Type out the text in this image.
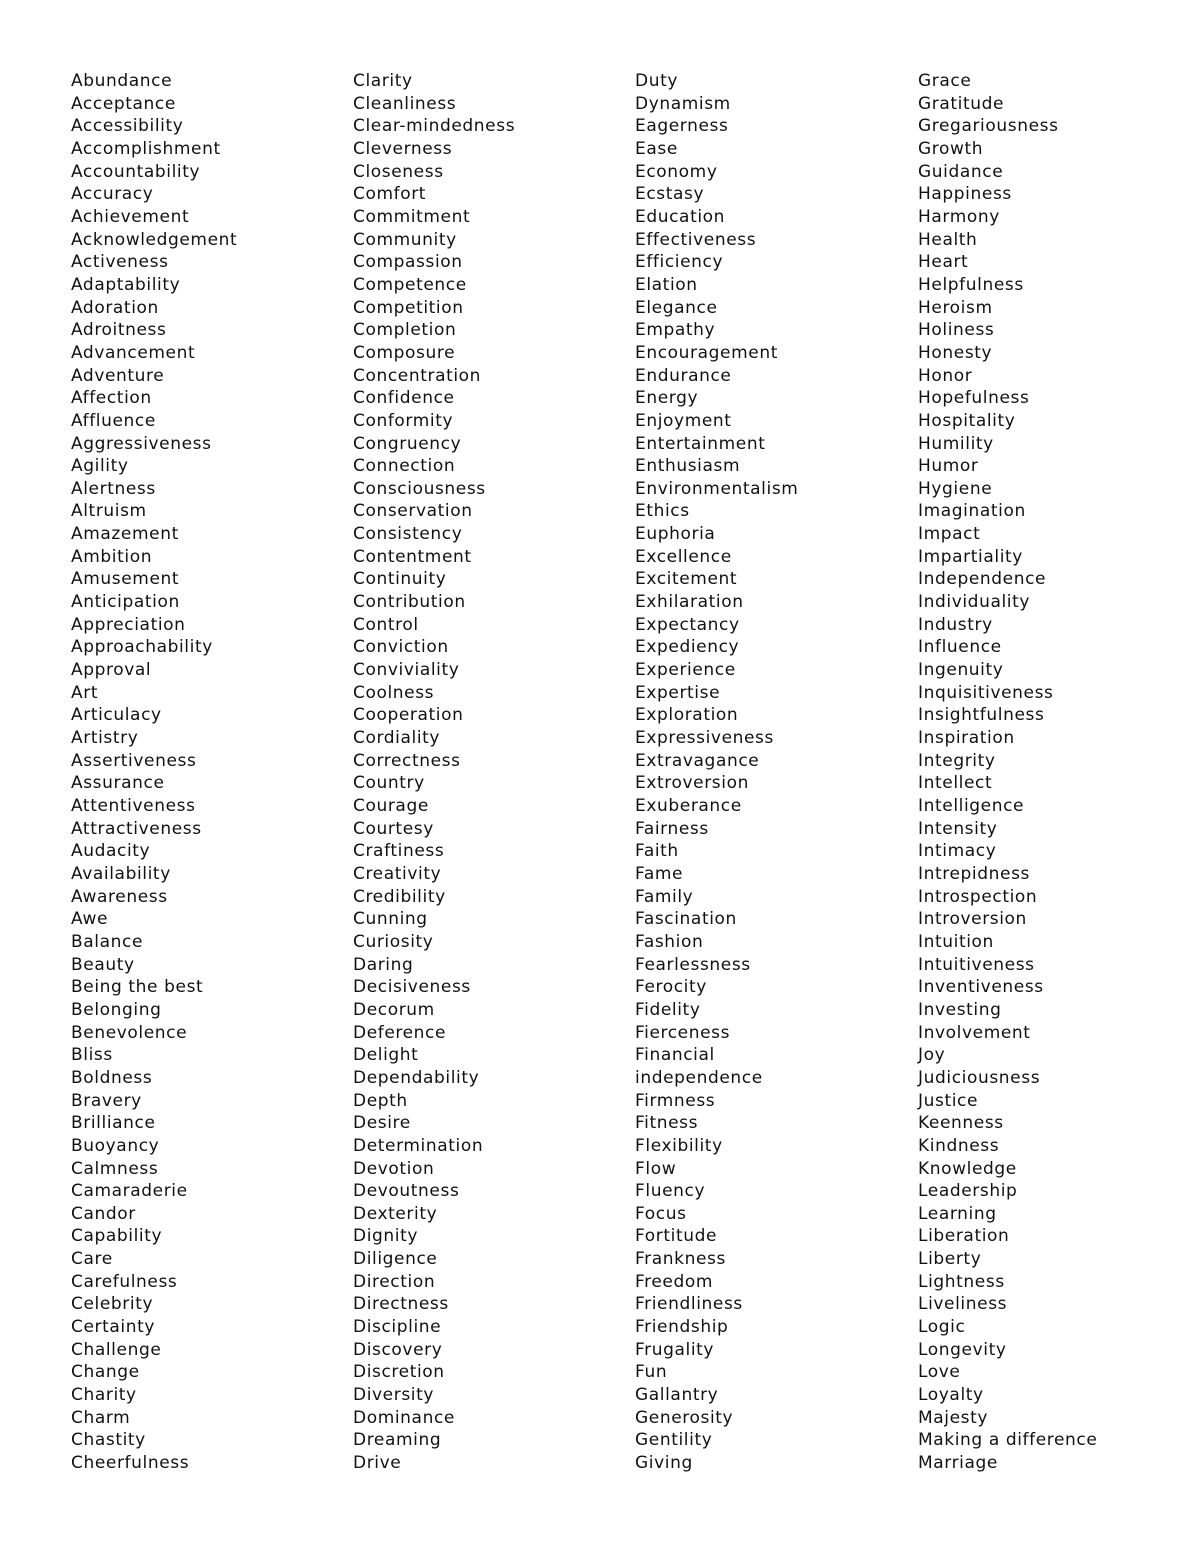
Abundance
Acceptance
Accessibility
Accomplishment
Accountability
Accuracy
Achievement
Acknowledgement
Activeness
Adaptability
Adoration
Adroitness
Advancement
Adventure
Affection
Affluence
Aggressiveness
Agility
Alertness
Altruism
Amazement
Ambition
Amusement
Anticipation
Appreciation
Approachability
Approval
Art
Articulacy
Artistry
Assertiveness
Assurance
Attentiveness
Attractiveness
Audacity
Availability
Awareness
Awe
Balance
Beauty
Being the best
Belonging
Benevolence
Bliss
Boldness
Bravery
Brilliance
Buoyancy
Calmness
Camaraderie
Candor
Capability
Care
Carefulness
Celebrity
Certainty
Challenge
Change
Charity
Charm
Chastity
Cheerfulness
Clarity
Cleanliness
Clear-mindedness
Cleverness
Closeness
Comfort
Commitment
Community
Compassion
Competence
Competition
Completion
Composure
Concentration
Confidence
Conformity
Congruency
Connection
Consciousness
Conservation
Consistency
Contentment
Continuity
Contribution
Control
Conviction
Conviviality
Coolness
Cooperation
Cordiality
Correctness
Country
Courage
Courtesy
Craftiness
Creativity
Credibility
Cunning
Curiosity
Daring
Decisiveness
Decorum
Deference
Delight
Dependability
Depth
Desire
Determination
Devotion
Devoutness
Dexterity
Dignity
Diligence
Direction
Directness
Discipline
Discovery
Discretion
Diversity
Dominance
Dreaming
Drive
Duty
Dynamism
Eagerness
Ease
Economy
Ecstasy
Education
Effectiveness
Efficiency
Elation
Elegance
Empathy
Encouragement
Endurance
Energy
Enjoyment
Entertainment
Enthusiasm
Environmentalism
Ethics
Euphoria
Excellence
Excitement
Exhilaration
Expectancy
Expediency
Experience
Expertise
Exploration
Expressiveness
Extravagance
Extroversion
Exuberance
Fairness
Faith
Fame
Family
Fascination
Fashion
Fearlessness
Ferocity
Fidelity
Fierceness
Financial
independence
Firmness
Fitness
Flexibility
Flow
Fluency
Focus
Fortitude
Frankness
Freedom
Friendliness
Friendship
Frugality
Fun
Gallantry
Generosity
Gentility
Giving
Grace
Gratitude
Gregariousness
Growth
Guidance
Happiness
Harmony
Health
Heart
Helpfulness
Heroism
Holiness
Honesty
Honor
Hopefulness
Hospitality
Humility
Humor
Hygiene
Imagination
Impact
Impartiality
Independence
Individuality
Industry
Influence
Ingenuity
Inquisitiveness
Insightfulness
Inspiration
Integrity
Intellect
Intelligence
Intensity
Intimacy
Intrepidness
Introspection
Introversion
Intuition
Intuitiveness
Inventiveness
Investing
Involvement
Joy
Judiciousness
Justice
Keenness
Kindness
Knowledge
Leadership
Learning
Liberation
Liberty
Lightness
Liveliness
Logic
Longevity
Love
Loyalty
Majesty
Making a difference
Marriage
